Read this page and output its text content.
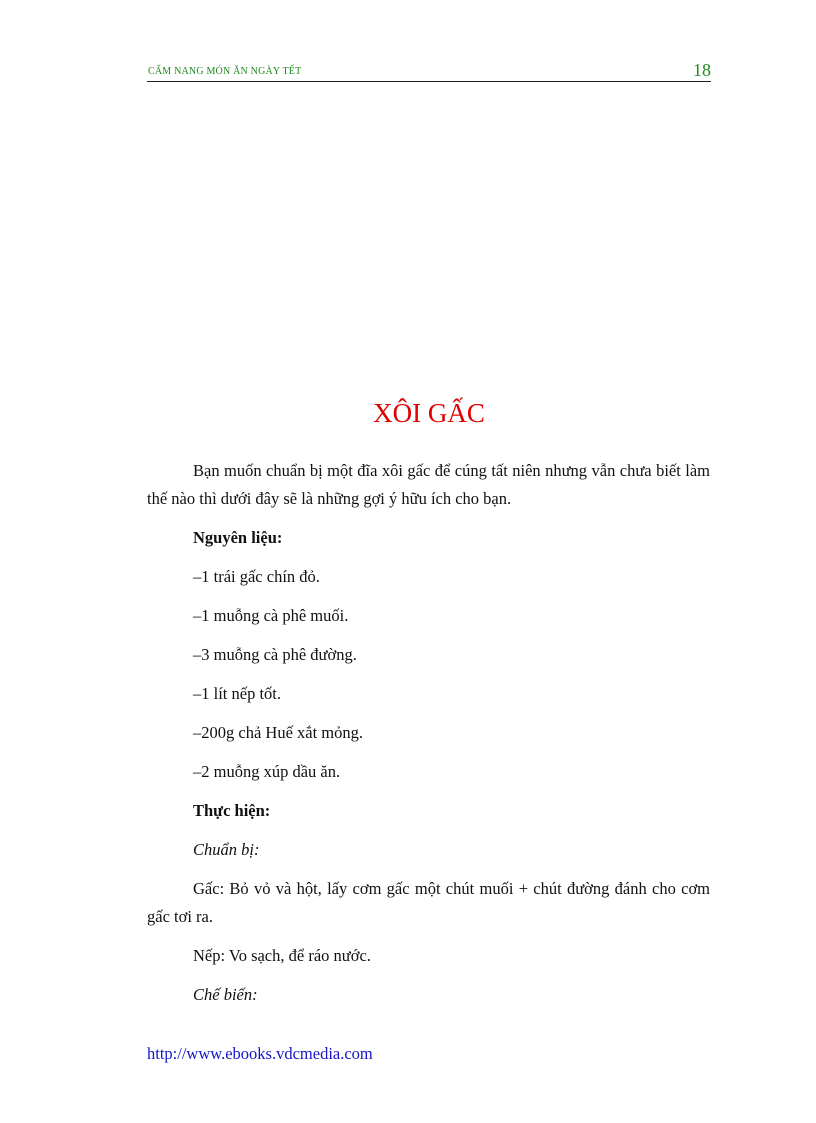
CẨM NANG MÓN ĂN NGÀY TẾT	18
XÔI GẤC

Bạn muốn chuẩn bị một đĩa xôi gấc để cúng tất niên nhưng vẫn chưa biết làm thế nào thì dưới đây sẽ là những gợi ý hữu ích cho bạn.

Nguyên liệu:

–1 trái gấc chín đỏ.

–1 muỗng cà phê muối.

–3 muỗng cà phê đường.

–1 lít nếp tốt.

–200g chả Huế xắt mỏng.

–2 muỗng xúp dầu ăn.

Thực hiện:

Chuẩn bị:

Gấc: Bỏ vỏ và hột, lấy cơm gấc một chút muối + chút đường đánh cho cơm gấc tơi ra.

Nếp: Vo sạch, để ráo nước.

Chế biến:

http://www.ebooks.vdcmedia.com
